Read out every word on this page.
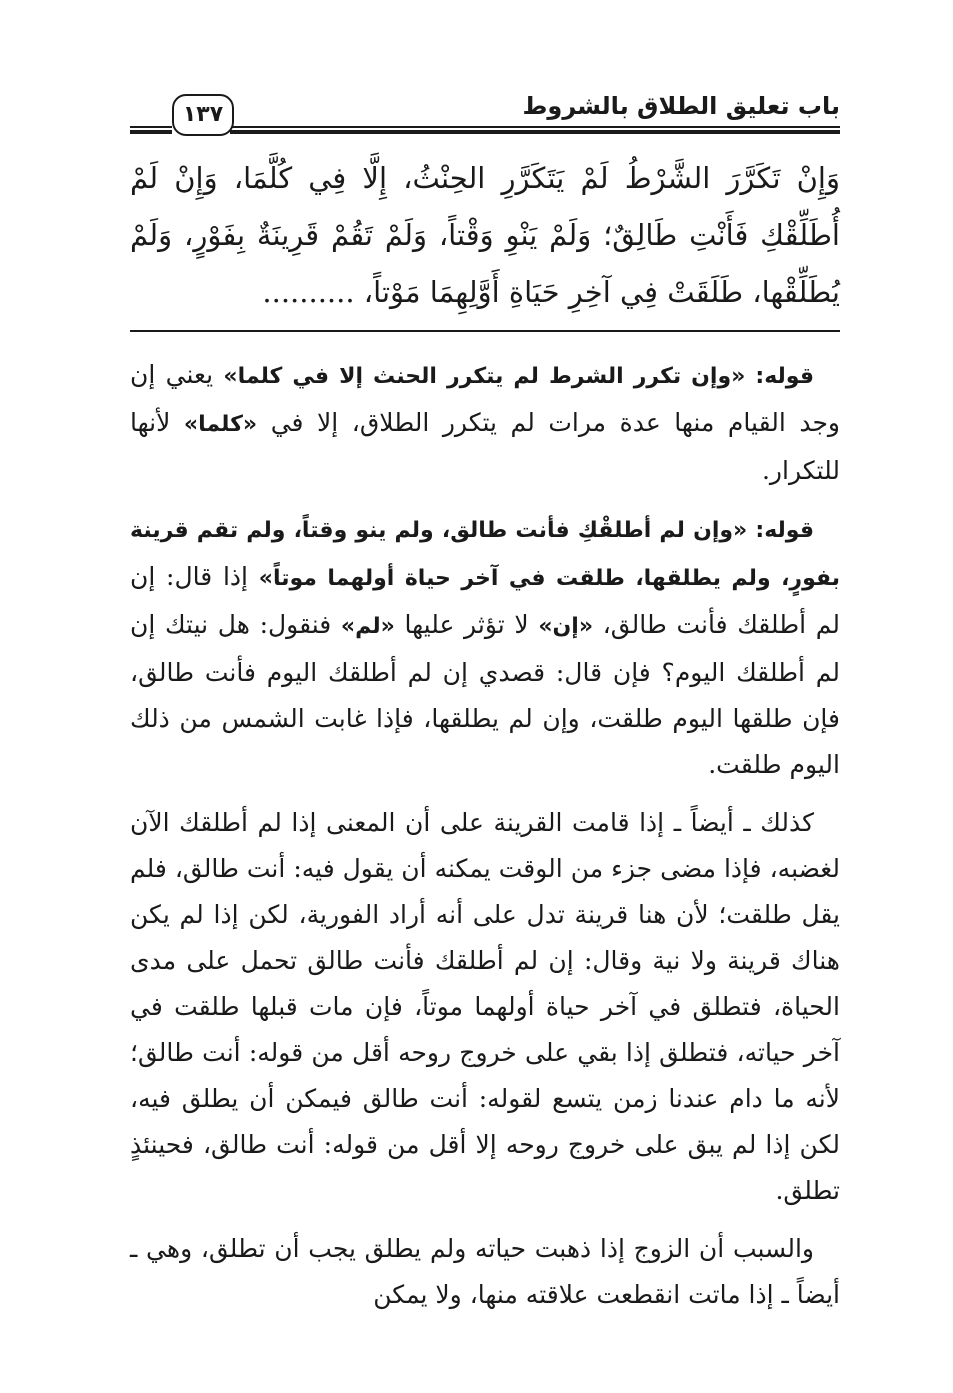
باب تعليق الطلاق بالشروط
١٣٧
وَإِنْ تَكَرَّرَ الشَّرْطُ لَمْ يَتَكَرَّرِ الحِنْثُ، إِلَّا فِي كُلَّمَا، وَإِنْ لَمْ أُطَلِّقْكِ فَأَنْتِ طَالِقٌ؛ وَلَمْ يَنْوِ وَقْتاً، وَلَمْ تَقُمْ قَرِينَةٌ بِفَوْرٍ، وَلَمْ يُطَلِّقْها، طَلَقَتْ فِي آخِرِ حَيَاةِ أَوَّلِهِمَا مَوْتاً، ..........

قوله: «وإن تكرر الشرط لم يتكرر الحنث إلا في كلما» يعني إن وجد القيام منها عدة مرات لم يتكرر الطلاق، إلا في «كلما» لأنها للتكرار.

قوله: «وإن لم أطلقْكِ فأنت طالق، ولم ينو وقتاً، ولم تقم قرينة بفورٍ، ولم يطلقها، طلقت في آخر حياة أولهما موتاً» إذا قال: إن لم أطلقك فأنت طالق، «إن» لا تؤثر عليها «لم» فنقول: هل نيتك إن لم أطلقك اليوم؟ فإن قال: قصدي إن لم أطلقك اليوم فأنت طالق، فإن طلقها اليوم طلقت، وإن لم يطلقها، فإذا غابت الشمس من ذلك اليوم طلقت.

كذلك ـ أيضاً ـ إذا قامت القرينة على أن المعنى إذا لم أطلقك الآن لغضبه، فإذا مضى جزء من الوقت يمكنه أن يقول فيه: أنت طالق، فلم يقل طلقت؛ لأن هنا قرينة تدل على أنه أراد الفورية، لكن إذا لم يكن هناك قرينة ولا نية وقال: إن لم أطلقك فأنت طالق تحمل على مدى الحياة، فتطلق في آخر حياة أولهما موتاً، فإن مات قبلها طلقت في آخر حياته، فتطلق إذا بقي على خروج روحه أقل من قوله: أنت طالق؛ لأنه ما دام عندنا زمن يتسع لقوله: أنت طالق فيمكن أن يطلق فيه، لكن إذا لم يبق على خروج روحه إلا أقل من قوله: أنت طالق، فحينئذٍ تطلق.

والسبب أن الزوج إذا ذهبت حياته ولم يطلق يجب أن تطلق، وهي ـ أيضاً ـ إذا ماتت انقطعت علاقته منها، ولا يمكن
